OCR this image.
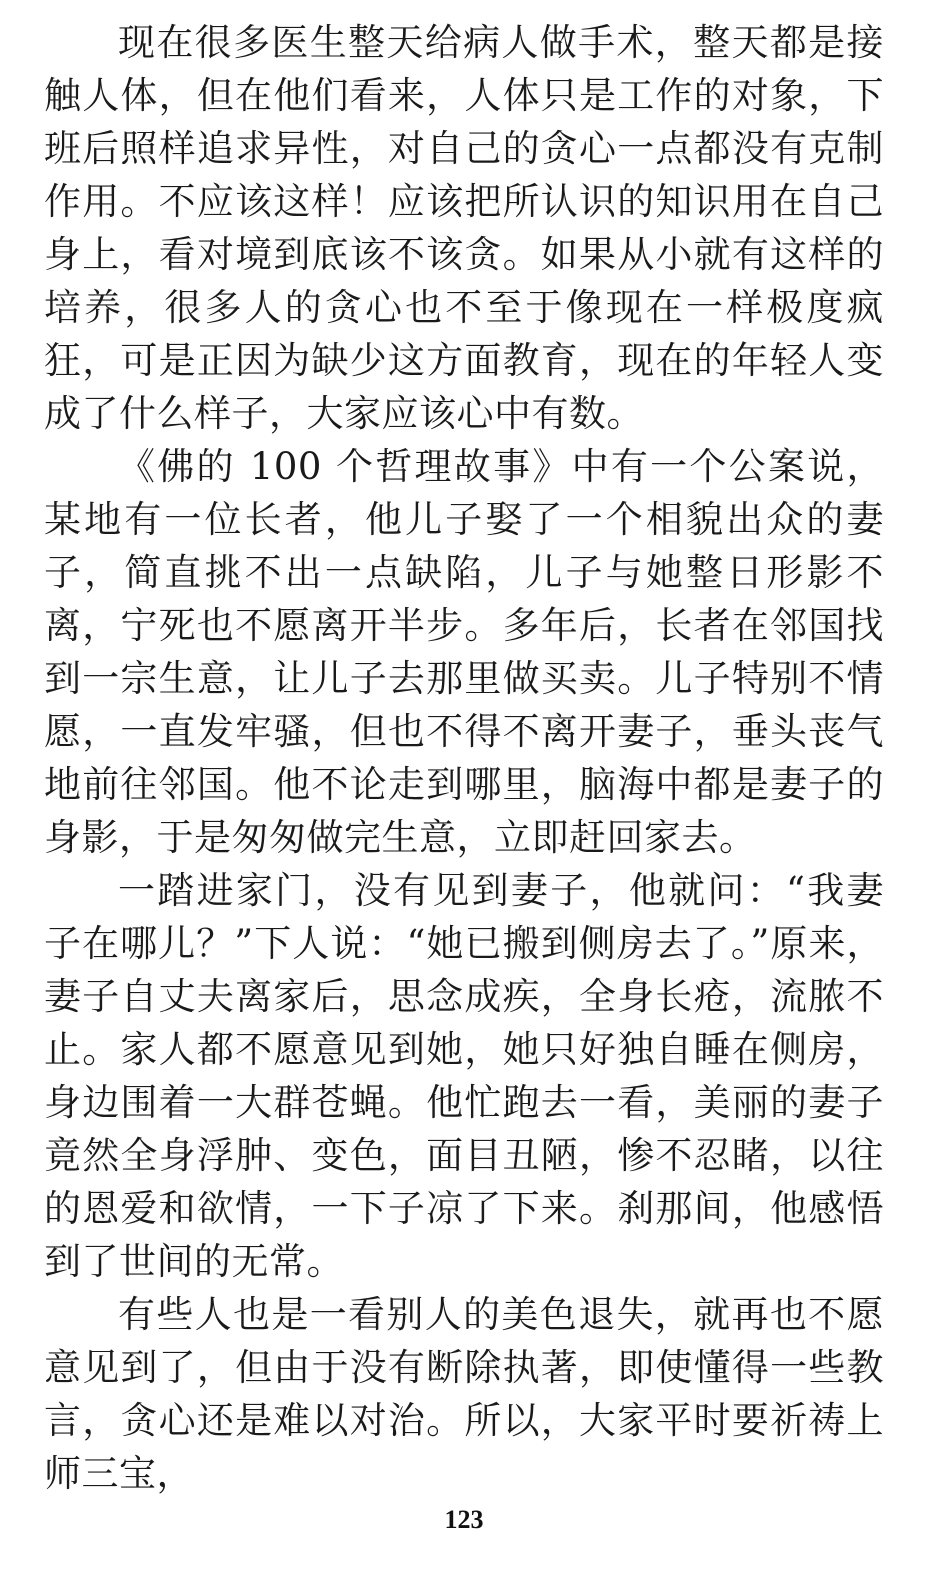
现在很多医生整天给病人做手术，整天都是接触人体，但在他们看来，人体只是工作的对象，下班后照样追求异性，对自己的贪心一点都没有克制作用。不应该这样！应该把所认识的知识用在自己身上，看对境到底该不该贪。如果从小就有这样的培养，很多人的贪心也不至于像现在一样极度疯狂，可是正因为缺少这方面教育，现在的年轻人变成了什么样子，大家应该心中有数。

《佛的 100 个哲理故事》中有一个公案说，某地有一位长者，他儿子娶了一个相貌出众的妻子，简直挑不出一点缺陷，儿子与她整日形影不离，宁死也不愿离开半步。多年后，长者在邻国找到一宗生意，让儿子去那里做买卖。儿子特别不情愿，一直发牢骚，但也不得不离开妻子，垂头丧气地前往邻国。他不论走到哪里，脑海中都是妻子的身影，于是匆匆做完生意，立即赶回家去。

一踏进家门，没有见到妻子，他就问：“我妻子在哪儿？”下人说：“她已搬到侧房去了。”原来，妻子自丈夫离家后，思念成疾，全身长疮，流脓不止。家人都不愿意见到她，她只好独自睡在侧房，身边围着一大群苍蝇。他忙跑去一看，美丽的妻子竟然全身浮肿、变色，面目丑陋，惨不忍睹，以往的恩爱和欲情，一下子凉了下来。刹那间，他感悟到了世间的无常。

有些人也是一看别人的美色退失，就再也不愿意见到了，但由于没有断除执著，即使懂得一些教言，贪心还是难以对治。所以，大家平时要祈祷上师三宝，

123
